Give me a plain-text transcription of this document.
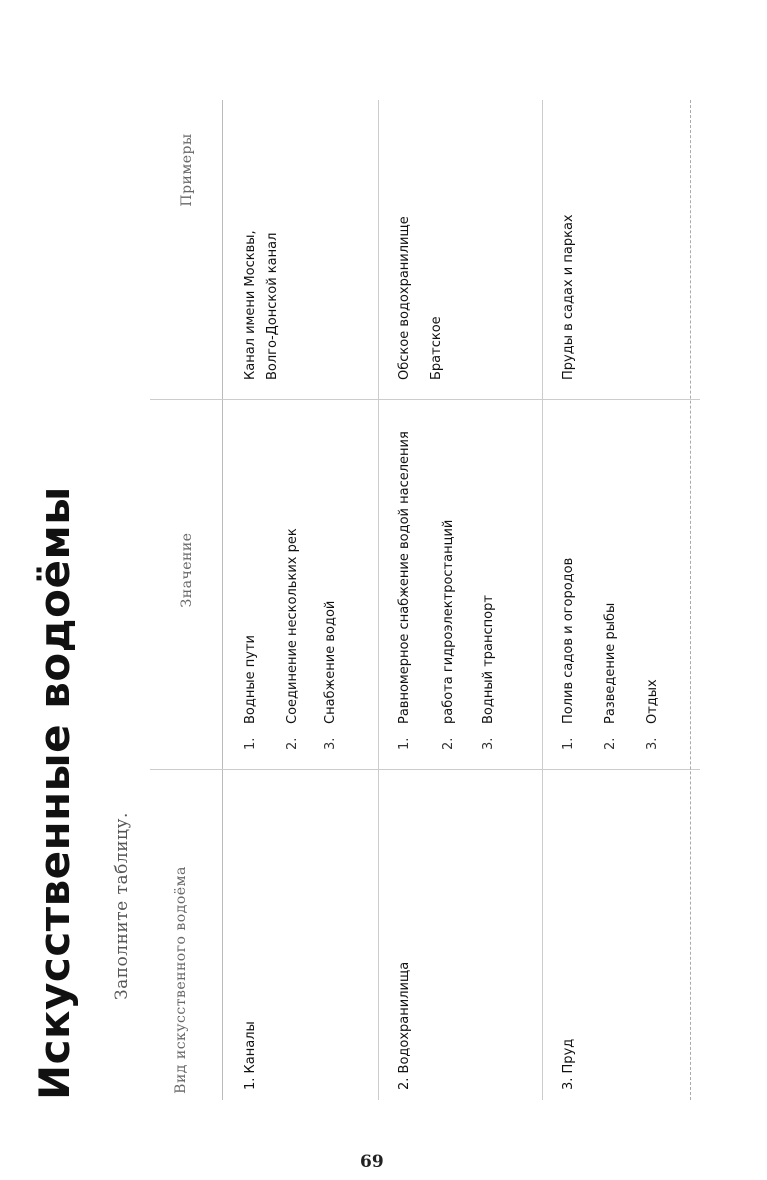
Искусственные водоёмы Заполните таблицу.	Вид искусственного водоёма
Значение
Примеры
1. Каналы
1.Водные пути
2.Соединение нескольких рек
3.Снабжение водой
Канал имени Москвы, Волго-Донской канал
2. Водохранилища
1.Равномерное снабжение водой населения
2.работа гидроэлектростанций
3.Водный транспорт
Обское водохранилище Братское
3. Пруд
1.Полив садов и огородов
2.Разведение рыбы
3.Отдых
Пруды в садах и парках
69
